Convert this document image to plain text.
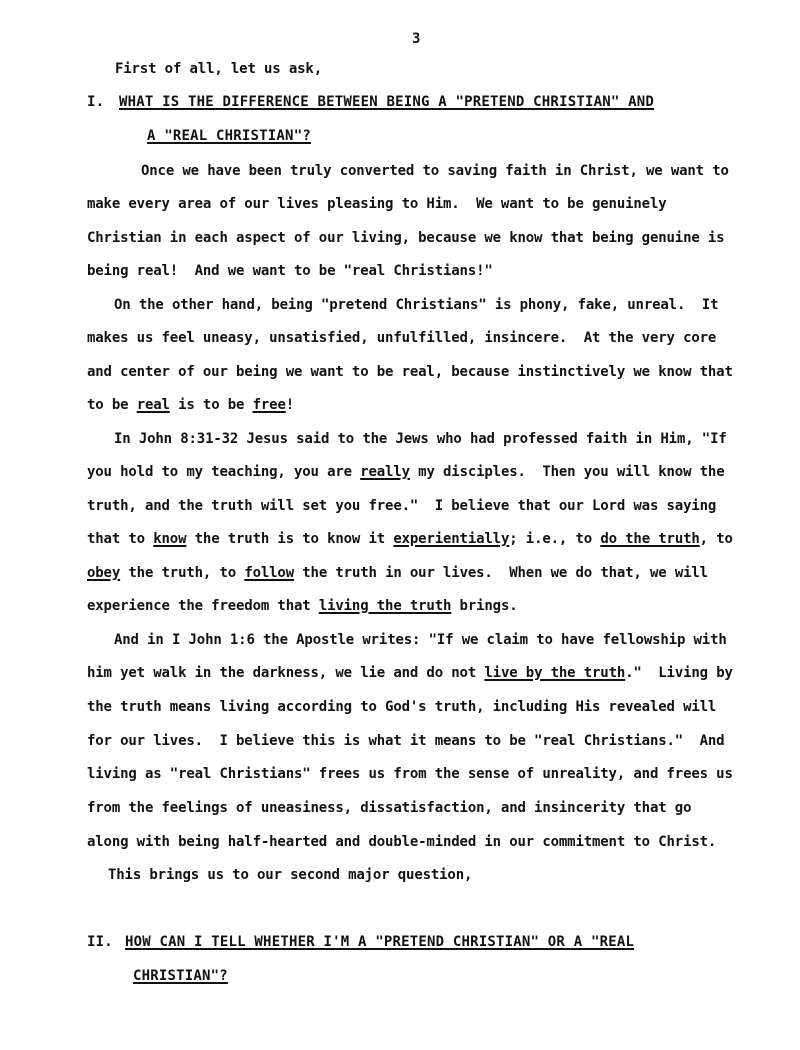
3
First of all, let us ask,
I. WHAT IS THE DIFFERENCE BETWEEN BEING A "PRETEND CHRISTIAN" AND
A "REAL CHRISTIAN"?
Once we have been truly converted to saving faith in Christ, we want to
make every area of our lives pleasing to Him.  We want to be genuinely
Christian in each aspect of our living, because we know that being genuine is
being real!  And we want to be "real Christians!"
On the other hand, being "pretend Christians" is phony, fake, unreal.  It
makes us feel uneasy, unsatisfied, unfulfilled, insincere.  At the very core
and center of our being we want to be real, because instinctively we know that
to be real is to be free!
In John 8:31-32 Jesus said to the Jews who had professed faith in Him, "If
you hold to my teaching, you are really my disciples.  Then you will know the
truth, and the truth will set you free."  I believe that our Lord was saying
that to know the truth is to know it experientially; i.e., to do the truth, to
obey the truth, to follow the truth in our lives.  When we do that, we will
experience the freedom that living the truth brings.
And in I John 1:6 the Apostle writes: "If we claim to have fellowship with
him yet walk in the darkness, we lie and do not live by the truth."  Living by
the truth means living according to God's truth, including His revealed will
for our lives.  I believe this is what it means to be "real Christians."  And
living as "real Christians" frees us from the sense of unreality, and frees us
from the feelings of uneasiness, dissatisfaction, and insincerity that go
along with being half-hearted and double-minded in our commitment to Christ.
This brings us to our second major question,
II. HOW CAN I TELL WHETHER I'M A "PRETEND CHRISTIAN" OR A "REAL
CHRISTIAN"?
